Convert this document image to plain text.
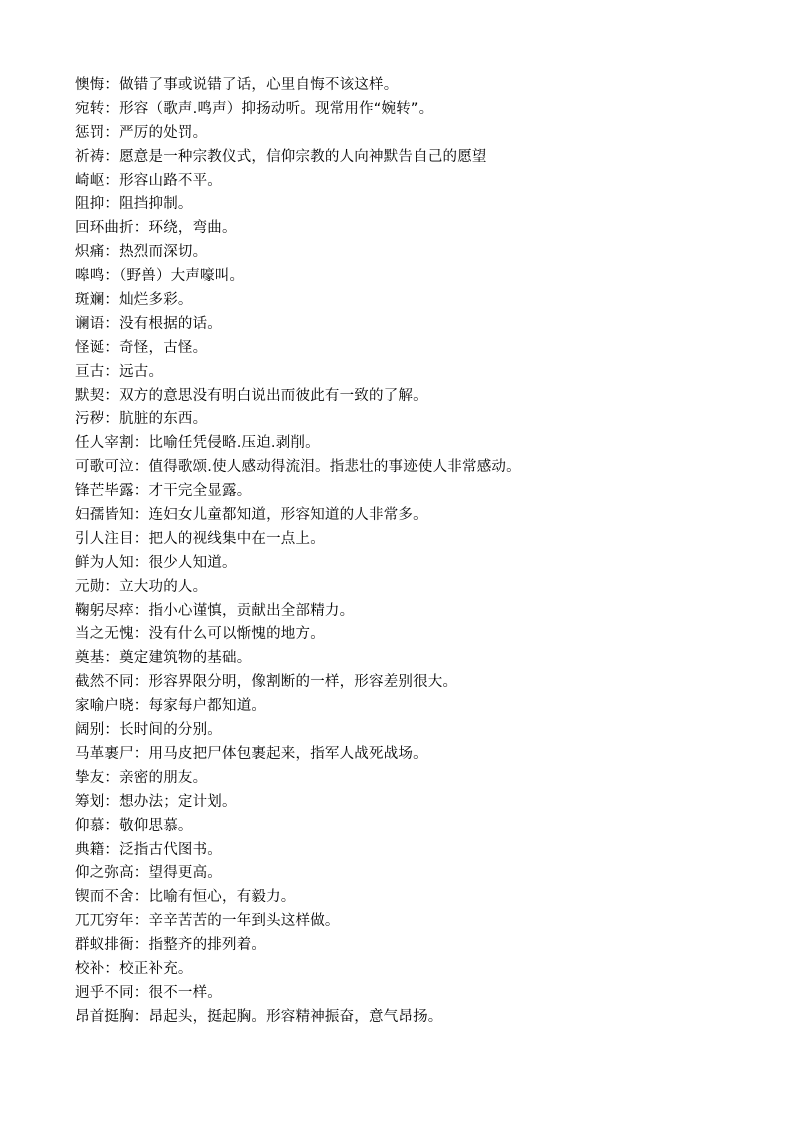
懊悔：做错了事或说错了话，心里自悔不该这样。
宛转：形容（歌声.鸣声）抑扬动听。现常用作“婉转”。
惩罚：严厉的处罚。
祈祷：愿意是一种宗教仪式，信仰宗教的人向神默告自己的愿望
崎岖：形容山路不平。
阻抑：阻挡抑制。
回环曲折：环绕，弯曲。
炽痛：热烈而深切。
嗥鸣：（野兽）大声嚎叫。
斑斓：灿烂多彩。
谰语：没有根据的话。
怪诞：奇怪，古怪。
亘古：远古。
默契：双方的意思没有明白说出而彼此有一致的了解。
污秽：肮脏的东西。
任人宰割：比喻任凭侵略.压迫.剥削。
可歌可泣：值得歌颂.使人感动得流泪。指悲壮的事迹使人非常感动。
锋芒毕露：才干完全显露。
妇孺皆知：连妇女儿童都知道，形容知道的人非常多。
引人注目：把人的视线集中在一点上。
鲜为人知：很少人知道。
元勋：立大功的人。
鞠躬尽瘁：指小心谨慎，贡献出全部精力。
当之无愧：没有什么可以惭愧的地方。
奠基：奠定建筑物的基础。
截然不同：形容界限分明，像割断的一样，形容差别很大。
家喻户晓：每家每户都知道。
阔别：长时间的分别。
马革裹尸：用马皮把尸体包裹起来，指军人战死战场。
挚友：亲密的朋友。
筹划：想办法；定计划。
仰慕：敬仰思慕。
典籍：泛指古代图书。
仰之弥高：望得更高。
锲而不舍：比喻有恒心，有毅力。
兀兀穷年：辛辛苦苦的一年到头这样做。
群蚁排衙：指整齐的排列着。
校补：校正补充。
迥乎不同：很不一样。
昂首挺胸：昂起头，挺起胸。形容精神振奋，意气昂扬。
